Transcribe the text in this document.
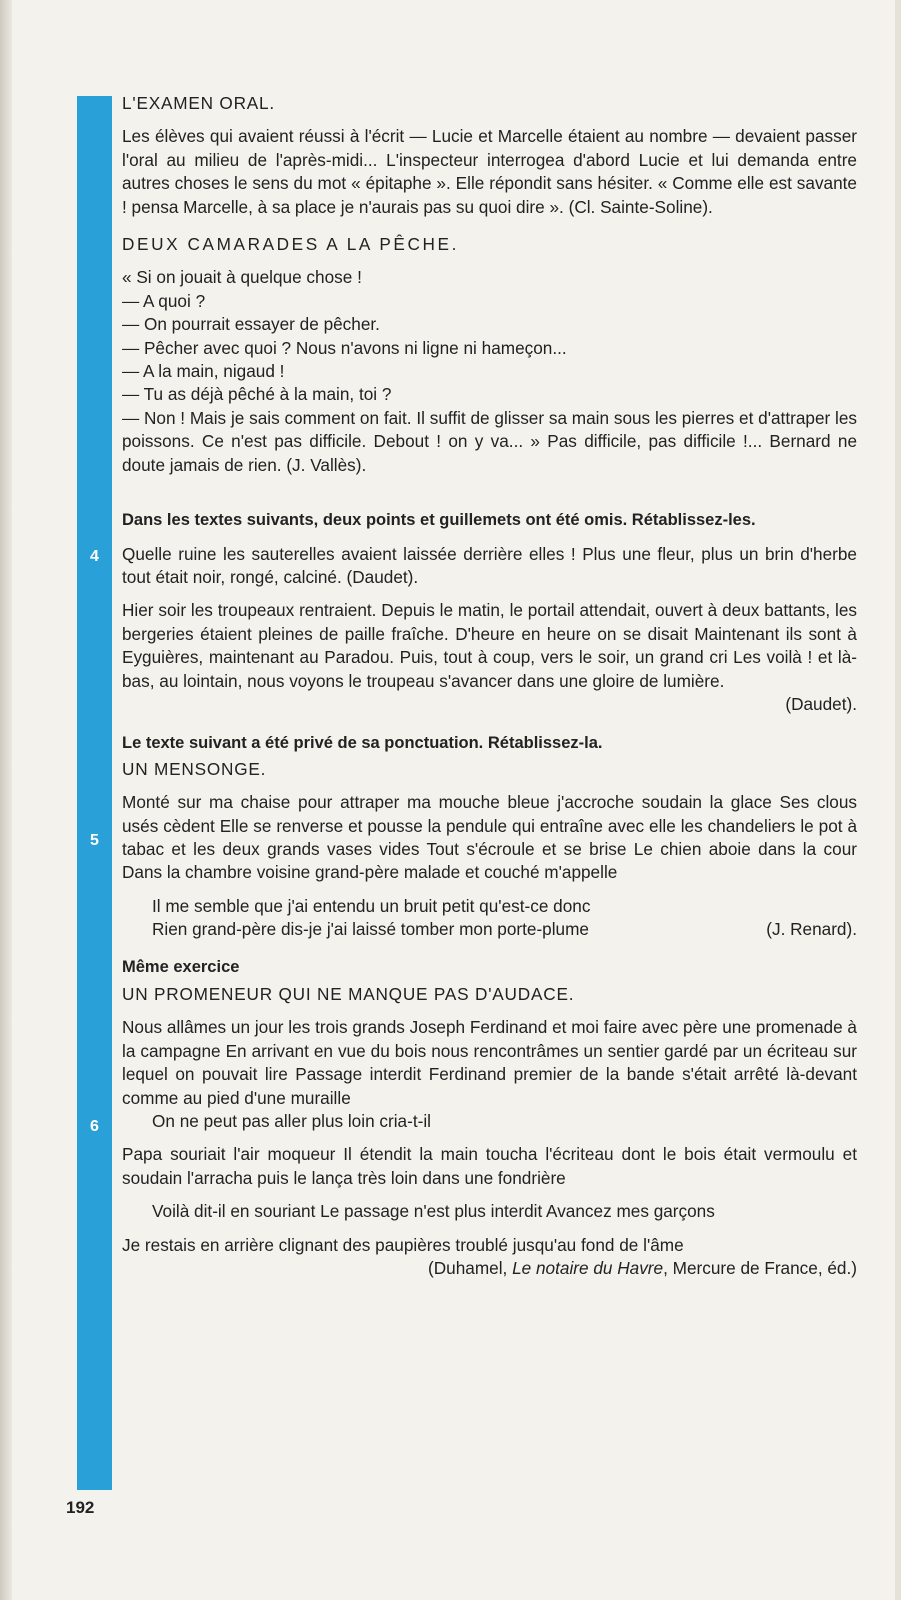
4
5
6
L'EXAMEN ORAL.

Les élèves qui avaient réussi à l'écrit — Lucie et Marcelle étaient au nombre — devaient passer l'oral au milieu de l'après-midi... L'inspecteur interrogea d'abord Lucie et lui demanda entre autres choses le sens du mot « épitaphe ». Elle répondit sans hésiter. « Comme elle est savante ! pensa Marcelle, à sa place je n'aurais pas su quoi dire ». (Cl. Sainte-Soline).

DEUX CAMARADES A LA PÊCHE.
« Si on jouait à quelque chose !
— A quoi ?
— On pourrait essayer de pêcher.
— Pêcher avec quoi ? Nous n'avons ni ligne ni hameçon...
— A la main, nigaud !
— Tu as déjà pêché à la main, toi ?
— Non ! Mais je sais comment on fait. Il suffit de glisser sa main sous les pierres et d'attraper les poissons. Ce n'est pas difficile. Debout ! on y va... » Pas difficile, pas difficile !... Bernard ne doute jamais de rien. (J. Vallès).
Dans les textes suivants, deux points et guillemets ont été omis. Rétablissez-les.

Quelle ruine les sauterelles avaient laissée derrière elles ! Plus une fleur, plus un brin d'herbe tout était noir, rongé, calciné. (Daudet).

Hier soir les troupeaux rentraient. Depuis le matin, le portail attendait, ouvert à deux battants, les bergeries étaient pleines de paille fraîche. D'heure en heure on se disait Maintenant ils sont à Eyguières, maintenant au Paradou. Puis, tout à coup, vers le soir, un grand cri Les voilà ! et là-bas, au lointain, nous voyons le troupeau s'avancer dans une gloire de lumière.

(Daudet).
Le texte suivant a été privé de sa ponctuation. Rétablissez-la.
UN MENSONGE.

Monté sur ma chaise pour attraper ma mouche bleue j'accroche soudain la glace Ses clous usés cèdent Elle se renverse et pousse la pendule qui entraîne avec elle les chandeliers le pot à tabac et les deux grands vases vides Tout s'écroule et se brise Le chien aboie dans la cour Dans la chambre voisine grand-père malade et couché m'appelle

Il me semble que j'ai entendu un bruit petit qu'est-ce donc
Rien grand-père dis-je j'ai laissé tomber mon porte-plume	(J. Renard).
Même exercice
UN PROMENEUR QUI NE MANQUE PAS D'AUDACE.

Nous allâmes un jour les trois grands Joseph Ferdinand et moi faire avec père une promenade à la campagne En arrivant en vue du bois nous rencontrâmes un sentier gardé par un écriteau sur lequel on pouvait lire Passage interdit Ferdinand premier de la bande s'était arrêté là-devant comme au pied d'une muraille

On ne peut pas aller plus loin cria-t-il

Papa souriait l'air moqueur Il étendit la main toucha l'écriteau dont le bois était vermoulu et soudain l'arracha puis le lança très loin dans une fondrière

Voilà dit-il en souriant Le passage n'est plus interdit Avancez mes garçons

Je restais en arrière clignant des paupières troublé jusqu'au fond de l'âme

(Duhamel, Le notaire du Havre, Mercure de France, éd.)
192
